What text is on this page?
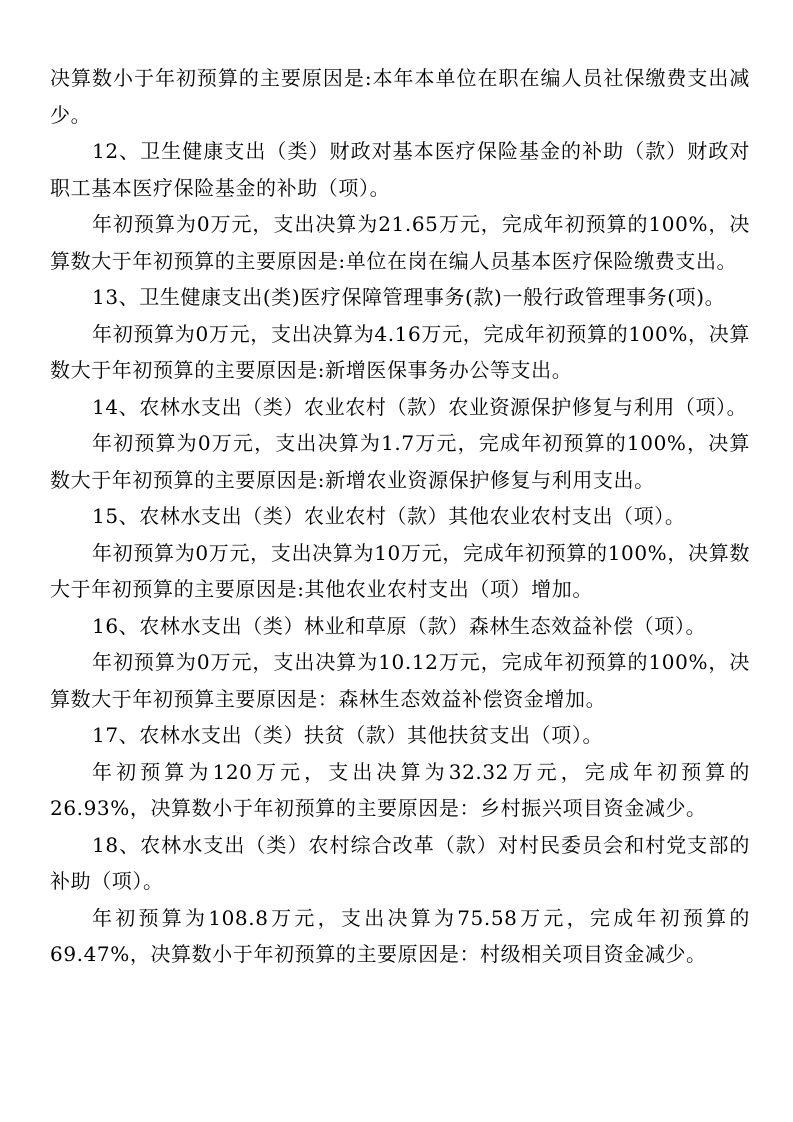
决算数小于年初预算的主要原因是:本年本单位在职在编人员社保缴费支出减少。

12、卫生健康支出（类）财政对基本医疗保险基金的补助（款）财政对职工基本医疗保险基金的补助（项）。

年初预算为0万元，支出决算为21.65万元，完成年初预算的100%，决算数大于年初预算的主要原因是:单位在岗在编人员基本医疗保险缴费支出。

13、卫生健康支出(类)医疗保障管理事务(款)一般行政管理事务(项)。

年初预算为0万元，支出决算为4.16万元，完成年初预算的100%，决算数大于年初预算的主要原因是:新增医保事务办公等支出。

14、农林水支出（类）农业农村（款）农业资源保护修复与利用（项）。

年初预算为0万元，支出决算为1.7万元，完成年初预算的100%，决算数大于年初预算的主要原因是:新增农业资源保护修复与利用支出。

15、农林水支出（类）农业农村（款）其他农业农村支出（项）。

年初预算为0万元，支出决算为10万元，完成年初预算的100%，决算数大于年初预算的主要原因是:其他农业农村支出（项）增加。

16、农林水支出（类）林业和草原（款）森林生态效益补偿（项）。

年初预算为0万元，支出决算为10.12万元，完成年初预算的100%，决算数大于年初预算主要原因是：森林生态效益补偿资金增加。

17、农林水支出（类）扶贫（款）其他扶贫支出（项）。

年初预算为120万元，支出决算为32.32万元，完成年初预算的26.93%，决算数小于年初预算的主要原因是：乡村振兴项目资金减少。

18、农林水支出（类）农村综合改革（款）对村民委员会和村党支部的补助（项）。

年初预算为108.8万元，支出决算为75.58万元，完成年初预算的69.47%，决算数小于年初预算的主要原因是：村级相关项目资金减少。
